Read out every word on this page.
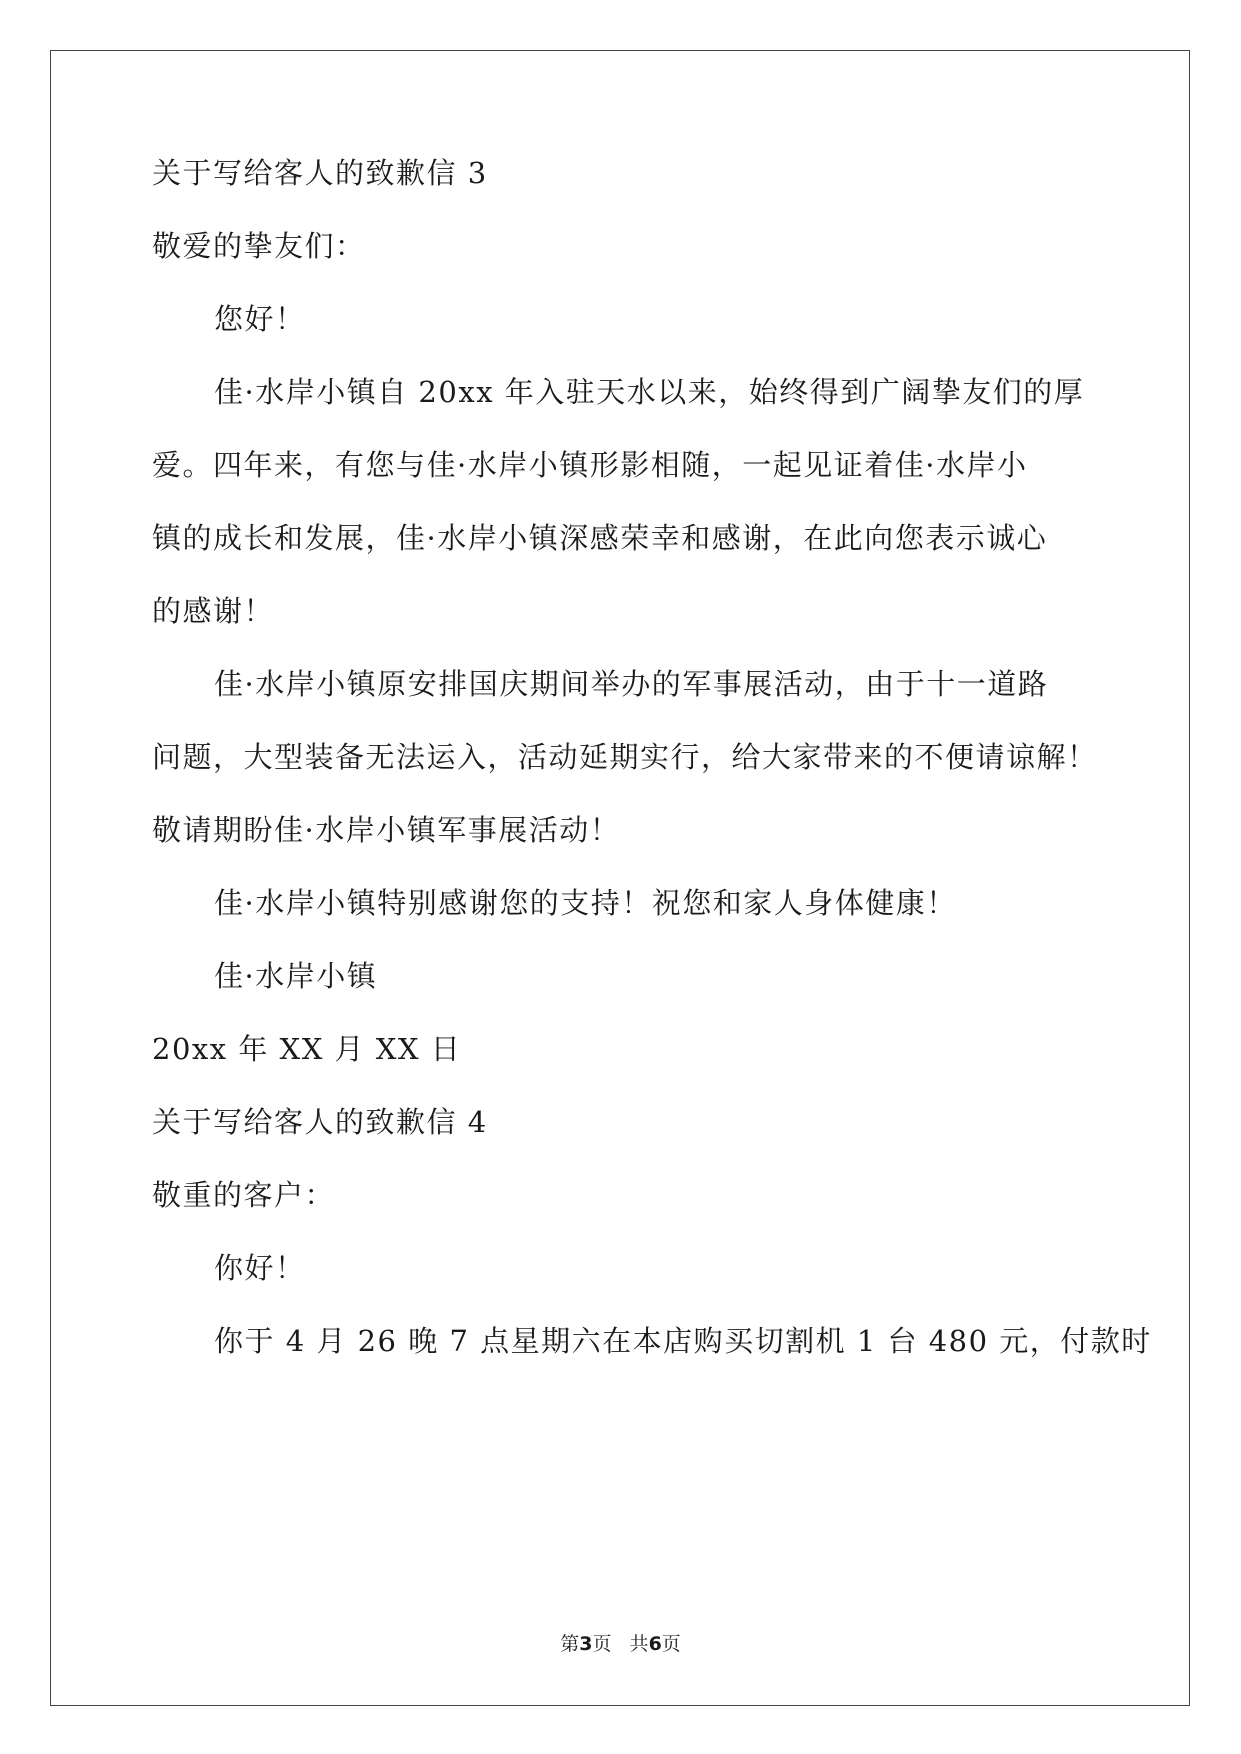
关于写给客人的致歉信 3
敬爱的挚友们：
您好！
佳·水岸小镇自 20xx 年入驻天水以来，始终得到广阔挚友们的厚
爱。四年来，有您与佳·水岸小镇形影相随，一起见证着佳·水岸小
镇的成长和发展，佳·水岸小镇深感荣幸和感谢，在此向您表示诚心
的感谢！
佳·水岸小镇原安排国庆期间举办的军事展活动，由于十一道路
问题，大型装备无法运入，活动延期实行，给大家带来的不便请谅解！
敬请期盼佳·水岸小镇军事展活动！
佳·水岸小镇特别感谢您的支持！祝您和家人身体健康！
佳·水岸小镇
20xx 年 XX 月 XX 日
关于写给客人的致歉信 4
敬重的客户：
你好！
你于 4 月 26 晚 7 点星期六在本店购买切割机 1 台 480 元，付款时
第3页   共6页
